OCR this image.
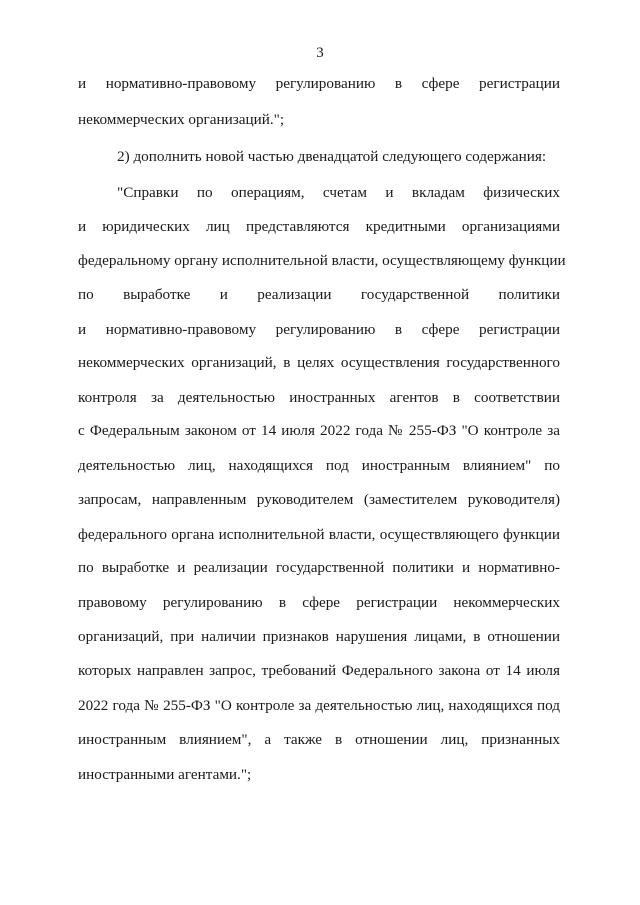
3
и нормативно-правовому регулированию в сфере регистрации
некоммерческих организаций.";
2) дополнить новой частью двенадцатой следующего содержания:
"Справки по операциям, счетам и вкладам физических
и юридических лиц представляются кредитными организациями
федеральному органу исполнительной власти, осуществляющему функции
по выработке и реализации государственной политики
и нормативно-правовому регулированию в сфере регистрации
некоммерческих организаций, в целях осуществления государственного
контроля за деятельностью иностранных агентов в соответствии
с Федеральным законом от 14 июля 2022 года № 255-ФЗ "О контроле за
деятельностью лиц, находящихся под иностранным влиянием" по
запросам, направленным руководителем (заместителем руководителя)
федерального органа исполнительной власти, осуществляющего функции
по выработке и реализации государственной политики и нормативно-
правовому регулированию в сфере регистрации некоммерческих
организаций, при наличии признаков нарушения лицами, в отношении
которых направлен запрос, требований Федерального закона от 14 июля
2022 года № 255-ФЗ "О контроле за деятельностью лиц, находящихся под
иностранным влиянием", а также в отношении лиц, признанных
иностранными агентами.";
